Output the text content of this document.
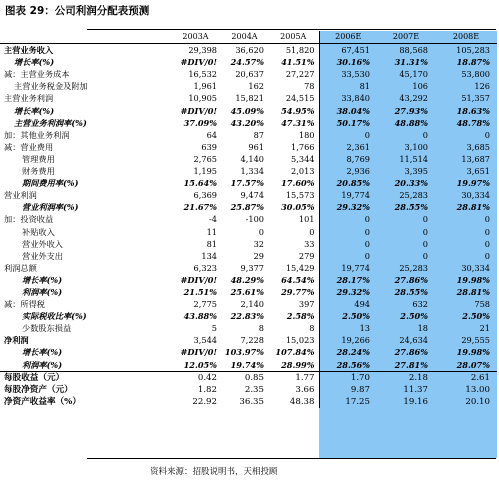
图表 29：公司利润分配表预测
	2003A	2004A	2005A	2006E	2007E	2008E
主营业务收入	29,398	36,620	51,820	67,451	88,568	105,283
增长率(%)	#DIV/0!	24.57%	41.51%	30.16%	31.31%	18.87%
减：主营业务成本	16,532	20,637	27,227	33,530	45,170	53,800
主营业务税金及附加	1,961	162	78	81	106	126
主营业务利润	10,905	15,821	24,515	33,840	43,292	51,357
增长率(%)	#DIV/0!	45.09%	54.95%	38.04%	27.93%	18.63%
主营业务利润率(%)	37.09%	43.20%	47.31%	50.17%	48.88%	48.78%
加：其他业务利润	64	87	180	0	0	0
减：营业费用	639	961	1,766	2,361	3,100	3,685
管理费用	2,765	4,140	5,344	8,769	11,514	13,687
财务费用	1,195	1,334	2,013	2,936	3,395	3,651
期间费用率(%)	15.64%	17.57%	17.60%	20.85%	20.33%	19.97%
营业利润	6,369	9,474	15,573	19,774	25,283	30,334
营业利润率(%)	21.67%	25.87%	30.05%	29.32%	28.55%	28.81%
加：投资收益	-4	-100	101	0	0	0
补贴收入	11	0	0	0	0	0
营业外收入	81	32	33	0	0	0
营业外支出	134	29	279	0	0	0
利润总额	6,323	9,377	15,429	19,774	25,283	30,334
增长率(%)	#DIV/0!	48.29%	64.54%	28.17%	27.86%	19.98%
利润率(%)	21.51%	25.61%	29.77%	29.32%	28.55%	28.81%
减：所得税	2,775	2,140	397	494	632	758
实际税收比率(%)	43.88%	22.83%	2.58%	2.50%	2.50%	2.50%
少数股东损益	5	8	8	13	18	21
净利润	3,544	7,228	15,023	19,266	24,634	29,555
增长率(%)	#DIV/0!	103.97%	107.84%	28.24%	27.86%	19.98%
利润率(%)	12.05%	19.74%	28.99%	28.56%	27.81%	28.07%
每股收益（元）	0.42	0.85	1.77	1.70	2.18	2.61
每股净资产（元）	1.82	2.35	3.66	9.87	11.37	13.00
净资产收益率（%）	22.92	36.35	48.38	17.25	19.16	20.10
资料来源：招股说明书，天相投顾
